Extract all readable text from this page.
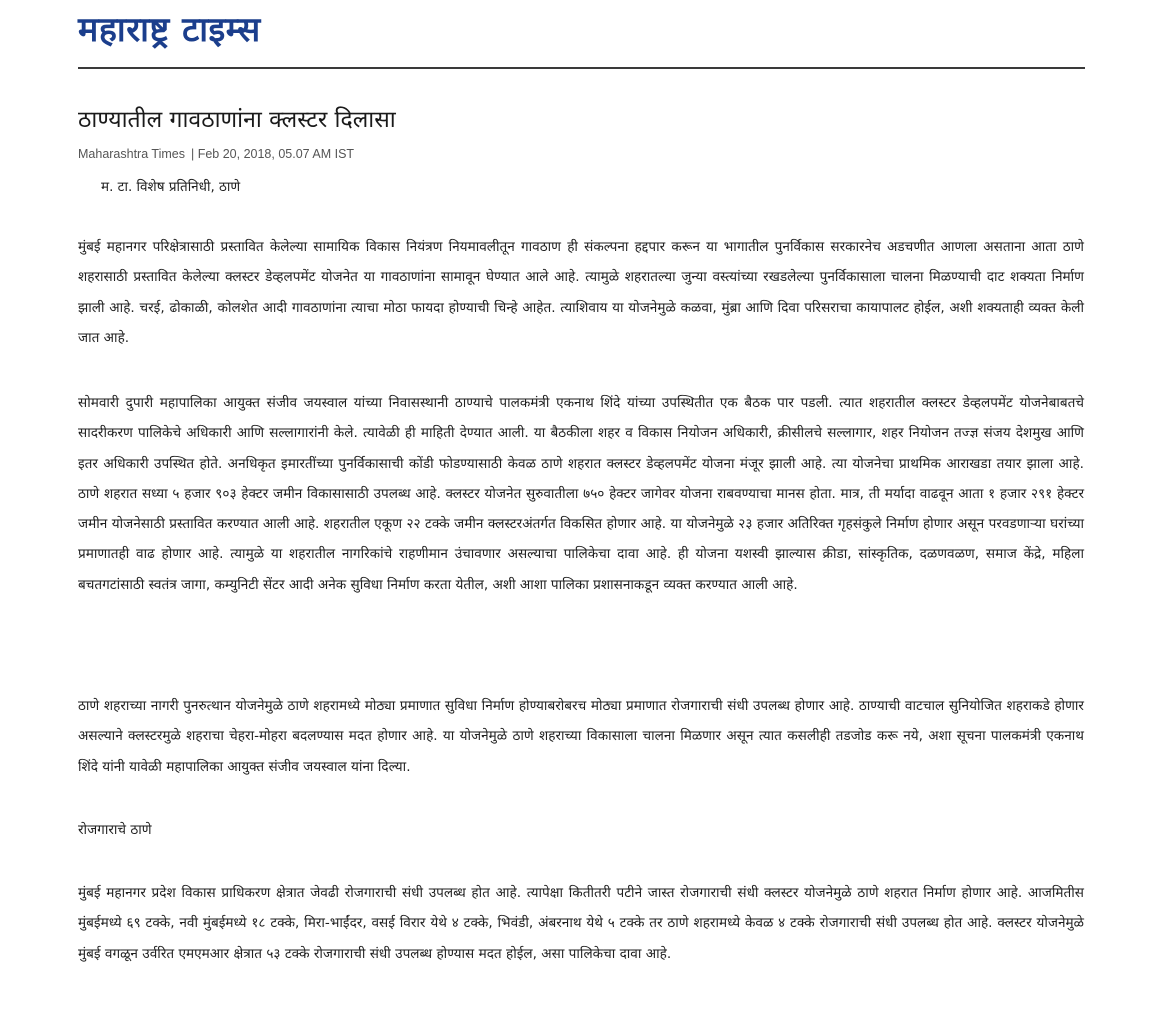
महाराष्ट्र टाइम्स
ठाण्यातील गावठाणांना क्लस्टर दिलासा
Maharashtra Times | Feb 20, 2018, 05.07 AM IST
म. टा. विशेष प्रतिनिधी, ठाणे

मुंबई महानगर परिक्षेत्रासाठी प्रस्तावित केलेल्या सामायिक विकास नियंत्रण नियमावलीतून गावठाण ही संकल्पना हद्दपार करून या भागातील पुनर्विकास सरकारनेच अडचणीत आणला असताना आता ठाणे शहरासाठी प्रस्तावित केलेल्या क्लस्टर डेव्हलपमेंट योजनेत या गावठाणांना सामावून घेण्यात आले आहे. त्यामुळे शहरातल्या जुन्या वस्त्यांच्या रखडलेल्या पुनर्विकासाला चालना मिळण्याची दाट शक्यता निर्माण झाली आहे. चरई, ढोकाळी, कोलशेत आदी गावठाणांना त्याचा मोठा फायदा होण्याची चिन्हे आहेत. त्याशिवाय या योजनेमुळे कळवा, मुंब्रा आणि दिवा परिसराचा कायापालट होईल, अशी शक्यताही व्यक्त केली जात आहे.

सोमवारी दुपारी महापालिका आयुक्त संजीव जयस्वाल यांच्या निवासस्थानी ठाण्याचे पालकमंत्री एकनाथ शिंदे यांच्या उपस्थितीत एक बैठक पार पडली. त्यात शहरातील क्लस्टर डेव्हलपमेंट योजनेबाबतचे सादरीकरण पालिकेचे अधिकारी आणि सल्लागारांनी केले. त्यावेळी ही माहिती देण्यात आली. या बैठकीला शहर व विकास नियोजन अधिकारी, क्रीसीलचे सल्लागार, शहर नियोजन तज्ज्ञ संजय देशमुख आणि इतर अधिकारी उपस्थित होते. अनधिकृत इमारतींच्या पुनर्विकासाची कोंडी फोडण्यासाठी केवळ ठाणे शहरात क्लस्टर डेव्हलपमेंट योजना मंजूर झाली आहे. त्या योजनेचा प्राथमिक आराखडा तयार झाला आहे. ठाणे शहरात सध्या ५ हजार ९०३ हेक्टर जमीन विकासासाठी उपलब्ध आहे. क्लस्टर योजनेत सुरुवातीला ७५० हेक्टर जागेवर योजना राबवण्याचा मानस होता. मात्र, ती मर्यादा वाढवून आता १ हजार २९१ हेक्टर जमीन योजनेसाठी प्रस्तावित करण्यात आली आहे. शहरातील एकूण २२ टक्के जमीन क्लस्टरअंतर्गत विकसित होणार आहे. या योजनेमुळे २३ हजार अतिरिक्त गृहसंकुले निर्माण होणार असून परवडणाऱ्या घरांच्या प्रमाणातही वाढ होणार आहे. त्यामुळे या शहरातील नागरिकांचे राहणीमान उंचावणार असल्याचा पालिकेचा दावा आहे. ही योजना यशस्वी झाल्यास क्रीडा, सांस्कृतिक, दळणवळण, समाज केंद्रे, महिला बचतगटांसाठी स्वतंत्र जागा, कम्युनिटी सेंटर आदी अनेक सुविधा निर्माण करता येतील, अशी आशा पालिका प्रशासनाकडून व्यक्त करण्यात आली आहे.

ठाणे शहराच्या नागरी पुनरुत्थान योजनेमुळे ठाणे शहरामध्ये मोठ्या प्रमाणात सुविधा निर्माण होण्याबरोबरच मोठ्या प्रमाणात रोजगाराची संधी उपलब्ध होणार आहे. ठाण्याची वाटचाल सुनियोजित शहराकडे होणार असल्याने क्लस्टरमुळे शहराचा चेहरा-मोहरा बदलण्यास मदत होणार आहे. या योजनेमुळे ठाणे शहराच्या विकासाला चालना मिळणार असून त्यात कसलीही तडजोड करू नये, अशा सूचना पालकमंत्री एकनाथ शिंदे यांनी यावेळी महापालिका आयुक्त संजीव जयस्वाल यांना दिल्या.

रोजगाराचे ठाणे

मुंबई महानगर प्रदेश विकास प्राधिकरण क्षेत्रात जेवढी रोजगाराची संधी उपलब्ध होत आहे. त्यापेक्षा कितीतरी पटीने जास्त रोजगाराची संधी क्लस्टर योजनेमुळे ठाणे शहरात निर्माण होणार आहे. आजमितीस मुंबईमध्ये ६९ टक्के, नवी मुंबईमध्ये १८ टक्के, मिरा-भाईंदर, वसई विरार येथे ४ टक्के, भिवंडी, अंबरनाथ येथे ५ टक्के तर ठाणे शहरामध्ये केवळ ४ टक्के रोजगाराची संधी उपलब्ध होत आहे. क्लस्टर योजनेमुळे मुंबई वगळून उर्वरित एमएमआर क्षेत्रात ५३ टक्के रोजगाराची संधी उपलब्ध होण्यास मदत होईल, असा पालिकेचा दावा आहे.
